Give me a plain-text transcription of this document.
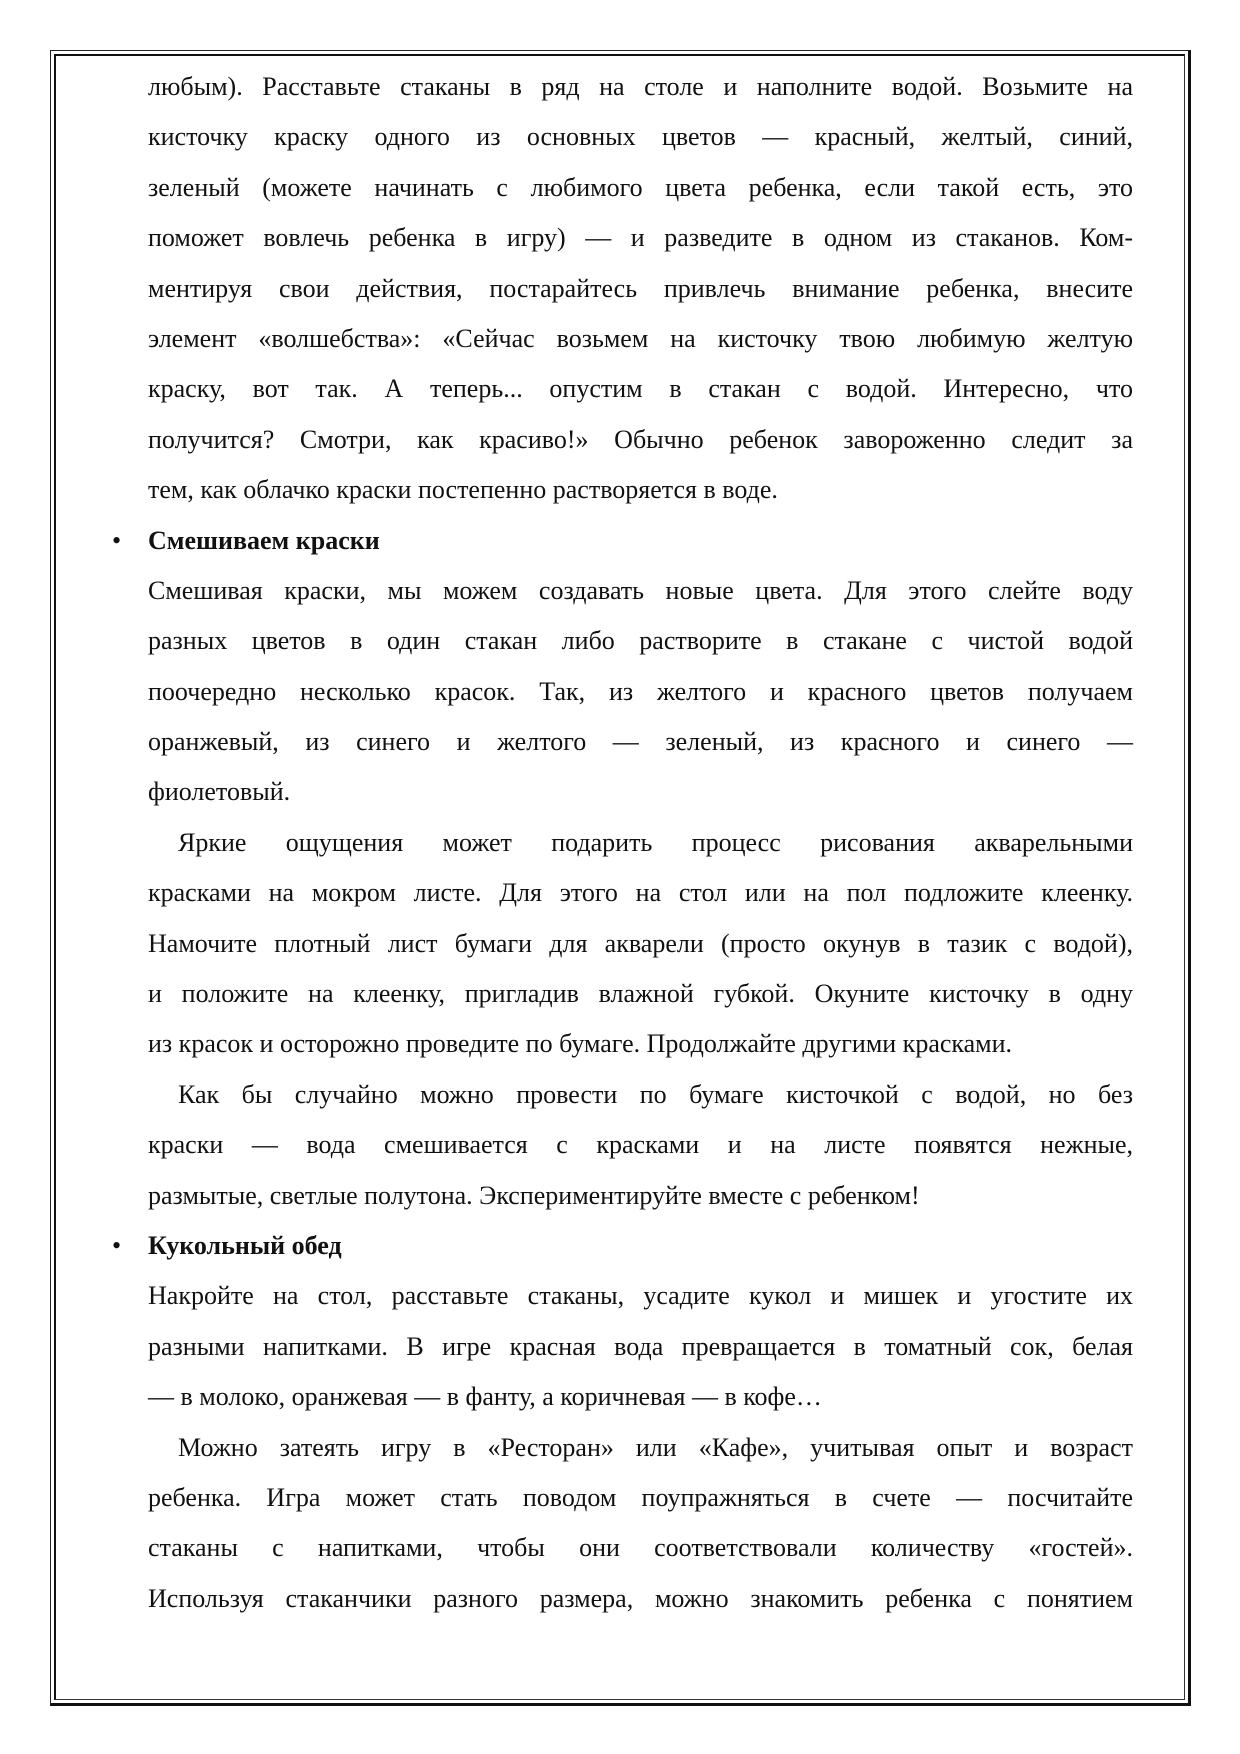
любым). Расставьте стаканы в ряд на столе и наполните водой. Возьмите на
кисточку краску одного из основных цветов — красный, желтый, синий,
зеленый (можете начинать с любимого цвета ребенка, если такой есть, это
поможет вовлечь ребенка в игру) — и разведите в одном из стаканов. Ком-
ментируя свои действия, постарайтесь привлечь внимание ребенка, внесите
элемент «волшебства»: «Сейчас возьмем на кисточку твою любимую желтую
краску, вот так. А теперь... опустим в стакан с водой. Интересно, что
получится? Смотри, как красиво!» Обычно ребенок завороженно следит за
тем, как облачко краски постепенно растворяется в воде.
• Смешиваем краски
Смешивая краски, мы можем создавать новые цвета. Для этого слейте воду
разных цветов в один стакан либо растворите в стакане с чистой водой
поочередно несколько красок. Так, из желтого и красного цветов получаем
оранжевый, из синего и желтого — зеленый, из красного и синего —
фиолетовый.
Яркие ощущения может подарить процесс рисования акварельными
красками на мокром листе. Для этого на стол или на пол подложите клеенку.
Намочите плотный лист бумаги для акварели (просто окунув в тазик с водой),
и положите на клеенку, пригладив влажной губкой. Окуните кисточку в одну
из красок и осторожно проведите по бумаге. Продолжайте другими красками.
Как бы случайно можно провести по бумаге кисточкой с водой, но без
краски — вода смешивается с красками и на листе появятся нежные,
размытые, светлые полутона. Экспериментируйте вместе с ребенком!
• Кукольный обед
Накройте на стол, расставьте стаканы, усадите кукол и мишек и угостите их
разными напитками. В игре красная вода превращается в томатный сок, белая
— в молоко, оранжевая — в фанту, а коричневая — в кофе…
Можно затеять игру в «Ресторан» или «Кафе», учитывая опыт и возраст
ребенка. Игра может стать поводом поупражняться в счете — посчитайте
стаканы с напитками, чтобы они соответствовали количеству «гостей».
Используя стаканчики разного размера, можно знакомить ребенка с понятием
